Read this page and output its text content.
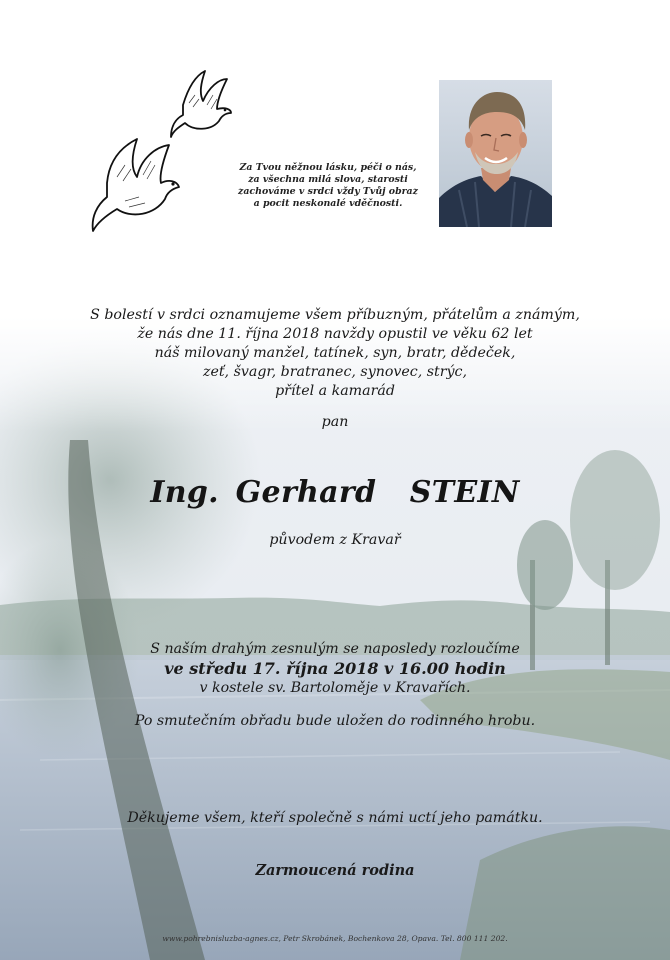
Za Tvou něžnou lásku, péči o nás,
za všechna milá slova, starosti
zachováme v srdci vždy Tvůj obraz
a pocit neskonalé vděčnosti.
S bolestí v srdci oznamujeme všem příbuzným, přátelům a známým,
že nás dne 11. října 2018 navždy opustil ve věku 62 let
náš milovaný manžel, tatínek, syn, bratr, dědeček,
zeť, švagr, bratranec, synovec, strýc,
přítel a kamarád
pan
Ing. Gerhard  STEIN
původem z Kravař
S naším drahým zesnulým se naposledy rozloučíme
ve středu 17. října 2018 v 16.00 hodin
v kostele sv. Bartoloměje v Kravařích.
Po smutečním obřadu bude uložen do rodinného hrobu.
Děkujeme všem, kteří společně s námi uctí jeho památku.
Zarmoucená rodina
www.pohrebnisluzba-agnes.cz, Petr Skrobánek, Bochenkova 28, Opava. Tel. 800 111 202.
